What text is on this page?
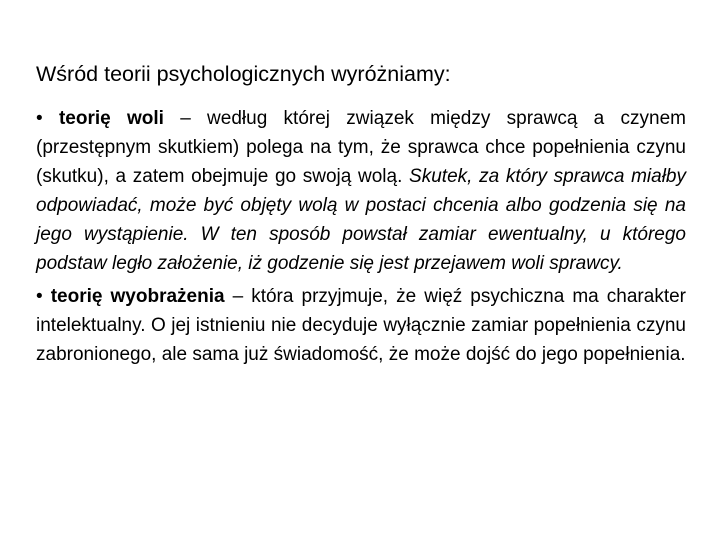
Wśród teorii psychologicznych wyróżniamy:

• teorię woli – według której związek między sprawcą a czynem (przestępnym skutkiem) polega na tym, że sprawca chce popełnienia czynu (skutku), a zatem obejmuje go swoją wolą. Skutek, za który sprawca miałby odpowiadać, może być objęty wolą w postaci chcenia albo godzenia się na jego wystąpienie. W ten sposób powstał zamiar ewentualny, u którego podstaw legło założenie, iż godzenie się jest przejawem woli sprawcy.

• teorię wyobrażenia – która przyjmuje, że więź psychiczna ma charakter intelektualny. O jej istnieniu nie decyduje wyłącznie zamiar popełnienia czynu zabronionego, ale sama już świadomość, że może dojść do jego popełnienia.
